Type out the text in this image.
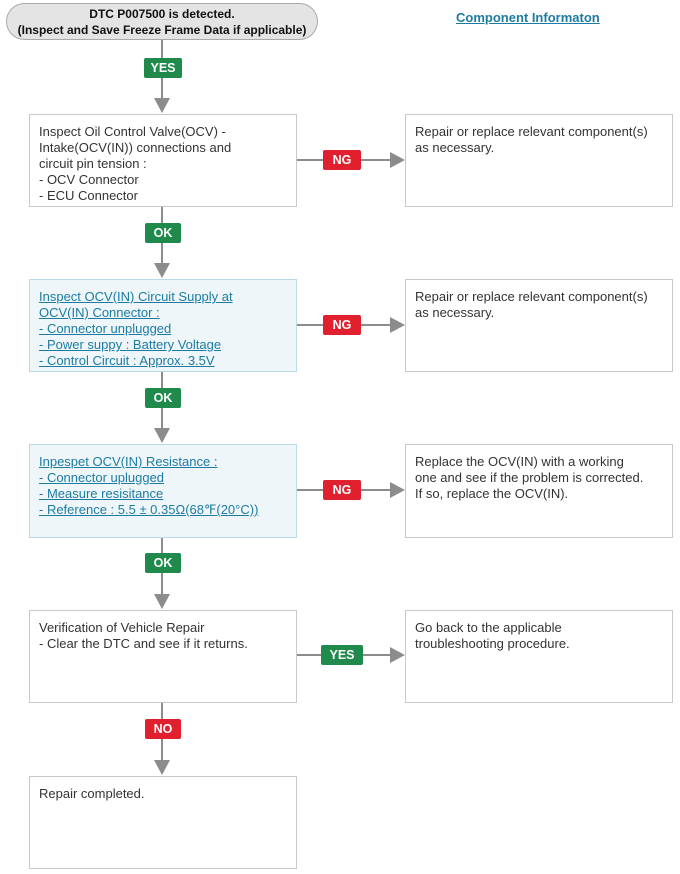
DTC P007500 is detected.
(Inspect and Save Freeze Frame Data if applicable)
Component Informaton
YES
Inspect Oil Control Valve(OCV) -
Intake(OCV(IN)) connections and
circuit pin tension :
- OCV Connector
- ECU Connector
NG
Repair or replace relevant component(s)
as necessary.
OK
Inspect OCV(IN) Circuit Supply at
OCV(IN) Connector :
- Connector unplugged
- Power suppy : Battery Voltage
- Control Circuit : Approx. 3.5V
NG
Repair or replace relevant component(s)
as necessary.
OK
Inpespet OCV(IN) Resistance :
- Connector uplugged
- Measure resisitance
- Reference : 5.5 ± 0.35Ω(68℉(20°C))
NG
Replace the OCV(IN) with a working
one and see if the problem is corrected.
If so, replace the OCV(IN).
OK
Verification of Vehicle Repair
- Clear the DTC and see if it returns.
YES
Go back to the applicable
troubleshooting procedure.
NO
Repair completed.
